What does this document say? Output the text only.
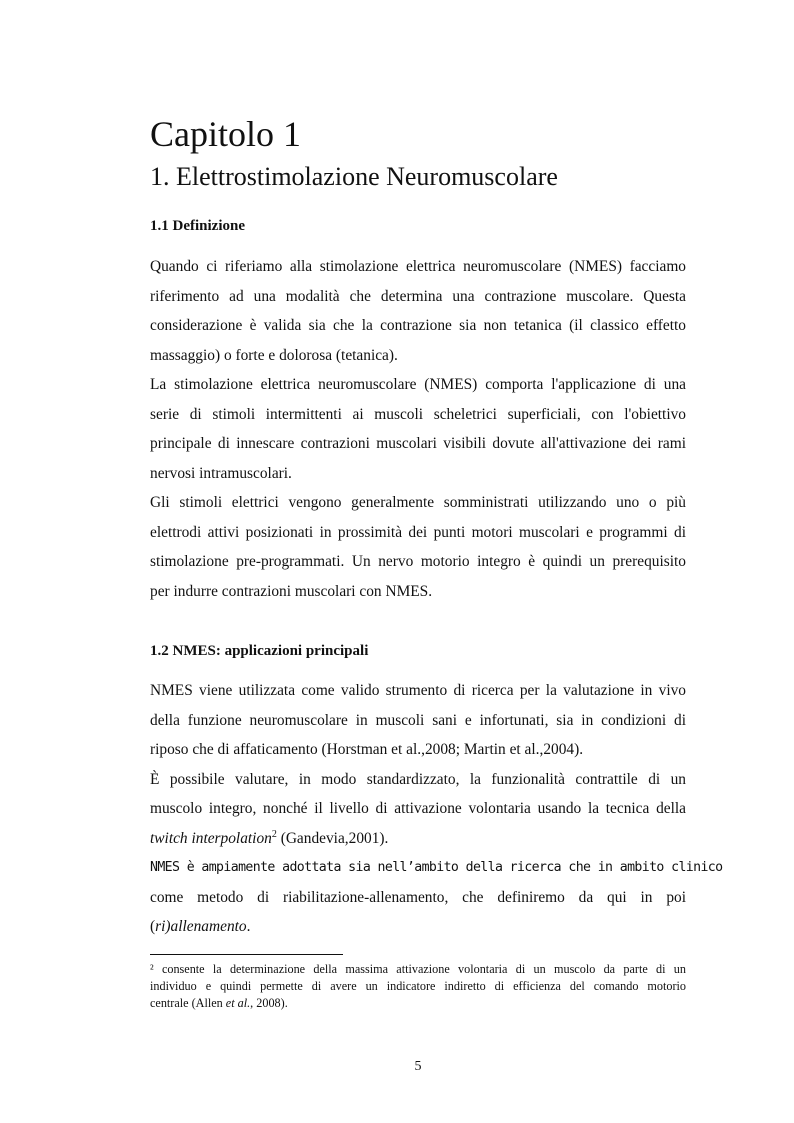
Capitolo 1
1. Elettrostimolazione Neuromuscolare
1.1 Definizione
Quando ci riferiamo alla stimolazione elettrica neuromuscolare (NMES) facciamo
riferimento ad una modalità che determina una contrazione muscolare. Questa
considerazione è valida sia che la contrazione sia non tetanica (il classico effetto
massaggio) o forte e dolorosa (tetanica).
La stimolazione elettrica neuromuscolare (NMES) comporta l'applicazione di una
serie di stimoli intermittenti ai muscoli scheletrici superficiali, con l'obiettivo
principale di innescare contrazioni muscolari visibili dovute all'attivazione dei rami
nervosi intramuscolari.
Gli stimoli elettrici vengono generalmente somministrati utilizzando uno o più
elettrodi attivi posizionati in prossimità dei punti motori muscolari e programmi di
stimolazione pre-programmati. Un nervo motorio integro è quindi un prerequisito
per indurre contrazioni muscolari con NMES.
1.2 NMES: applicazioni principali
NMES viene utilizzata come valido strumento di ricerca per la valutazione in vivo
della funzione neuromuscolare in muscoli sani e infortunati, sia in condizioni di
riposo che di affaticamento (Horstman et al.,2008; Martin et al.,2004).
È possibile valutare, in modo standardizzato, la funzionalità contrattile di un
muscolo integro, nonché il livello di attivazione volontaria usando la tecnica della
twitch interpolation$^2$ (Gandevia,2001).
NMES è ampiamente adottata sia nell’ambito della ricerca che in ambito clinico
come metodo di riabilitazione-allenamento, che definiremo da qui in poi
(ri)allenamento.
² consente la determinazione della massima attivazione volontaria di un muscolo da parte di un
individuo e quindi permette di avere un indicatore indiretto di efficienza del comando motorio
centrale (Allen et al., 2008).
5
